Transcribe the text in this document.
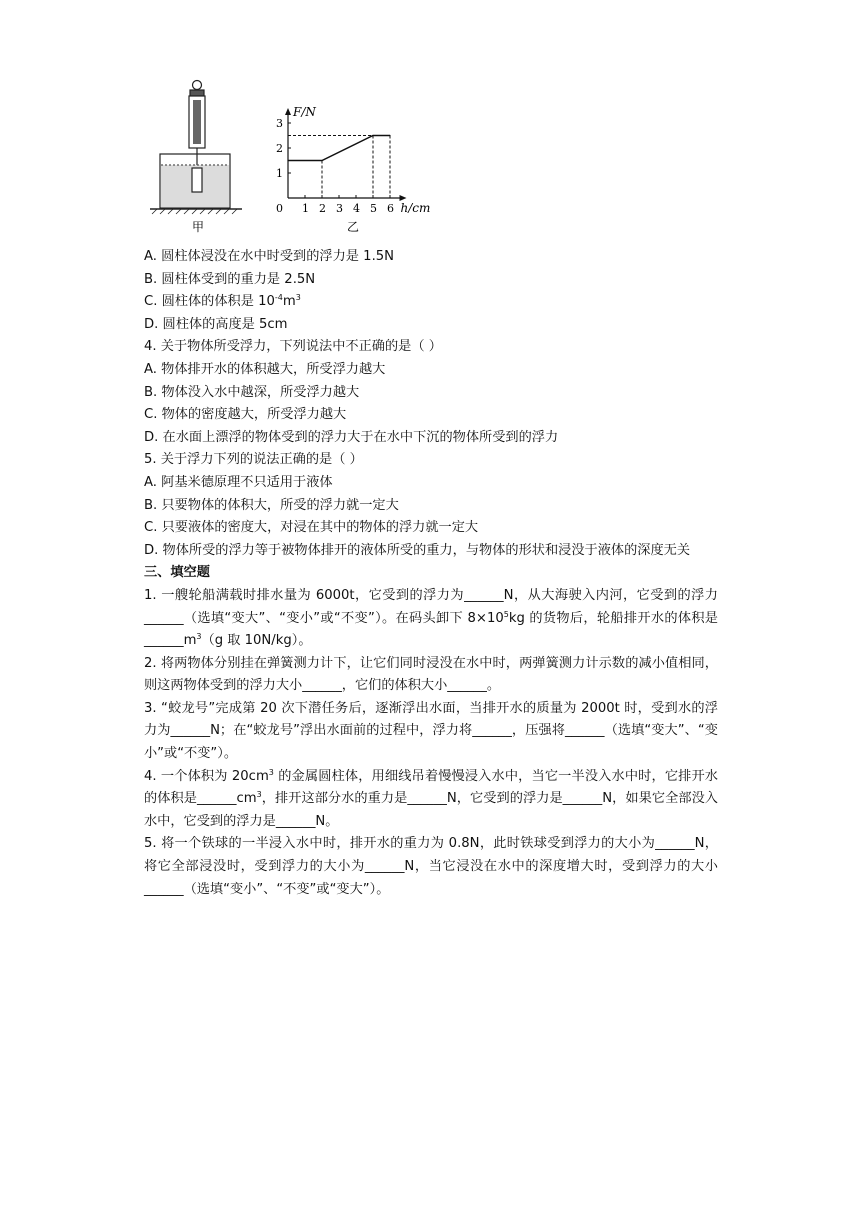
甲
h/cm
F/N
0 1 2 3 4 5 6
1
2
3
乙
A. 圆柱体浸没在水中时受到的浮力是 1.5N
B. 圆柱体受到的重力是 2.5N
C. 圆柱体的体积是 $10^{-4}m^3$
D. 圆柱体的高度是 5cm
4. 关于物体所受浮力，下列说法中不正确的是（ ）
A. 物体排开水的体积越大，所受浮力越大
B. 物体没入水中越深，所受浮力越大
C. 物体的密度越大，所受浮力越大
D. 在水面上漂浮的物体受到的浮力大于在水中下沉的物体所受到的浮力
5. 关于浮力下列的说法正确的是（ ）
A. 阿基米德原理不只适用于液体
B. 只要物体的体积大，所受的浮力就一定大
C. 只要液体的密度大，对浸在其中的物体的浮力就一定大
D. 物体所受的浮力等于被物体排开的液体所受的重力，与物体的形状和浸没于液体的深度无关
三、填空题
1. 一艘轮船满载时排水量为 6000t，它受到的浮力为______N，从大海驶入内河，它受到的浮力______（选填“变大”、“变小”或“不变”）。在码头卸下 $8\times 10^5kg$ 的货物后，轮船排开水的体积是$\_\_\_\_\_\_m^3(g$ 取 10N/kg）。
2. 将两物体分别挂在弹簧测力计下，让它们同时浸没在水中时，两弹簧测力计示数的减小值相同，则这两物体受到的浮力大小______，它们的体积大小______。
3. “蛟龙号”完成第 20 次下潜任务后，逐渐浮出水面，当排开水的质量为 2000t 时，受到水的浮力为______N；在“蛟龙号”浮出水面前的过程中，浮力将______，压强将______（选填“变大”、“变小”或“不变”）。
4. 一个体积为 $20cm^3$ 的金属圆柱体，用细线吊着慢慢浸入水中，当它一半没入水中时，它排开水的体积是$\_\_\_\_\_\_cm^3$，排开这部分水的重力是______N，它受到的浮力是______N，如果它全部没入水中，它受到的浮力是______N。
5. 将一个铁球的一半浸入水中时，排开水的重力为 0.8N，此时铁球受到浮力的大小为______N，将它全部浸没时，受到浮力的大小为______N，当它浸没在水中的深度增大时，受到浮力的大小______（选填“变小”、“不变”或“变大”）。
